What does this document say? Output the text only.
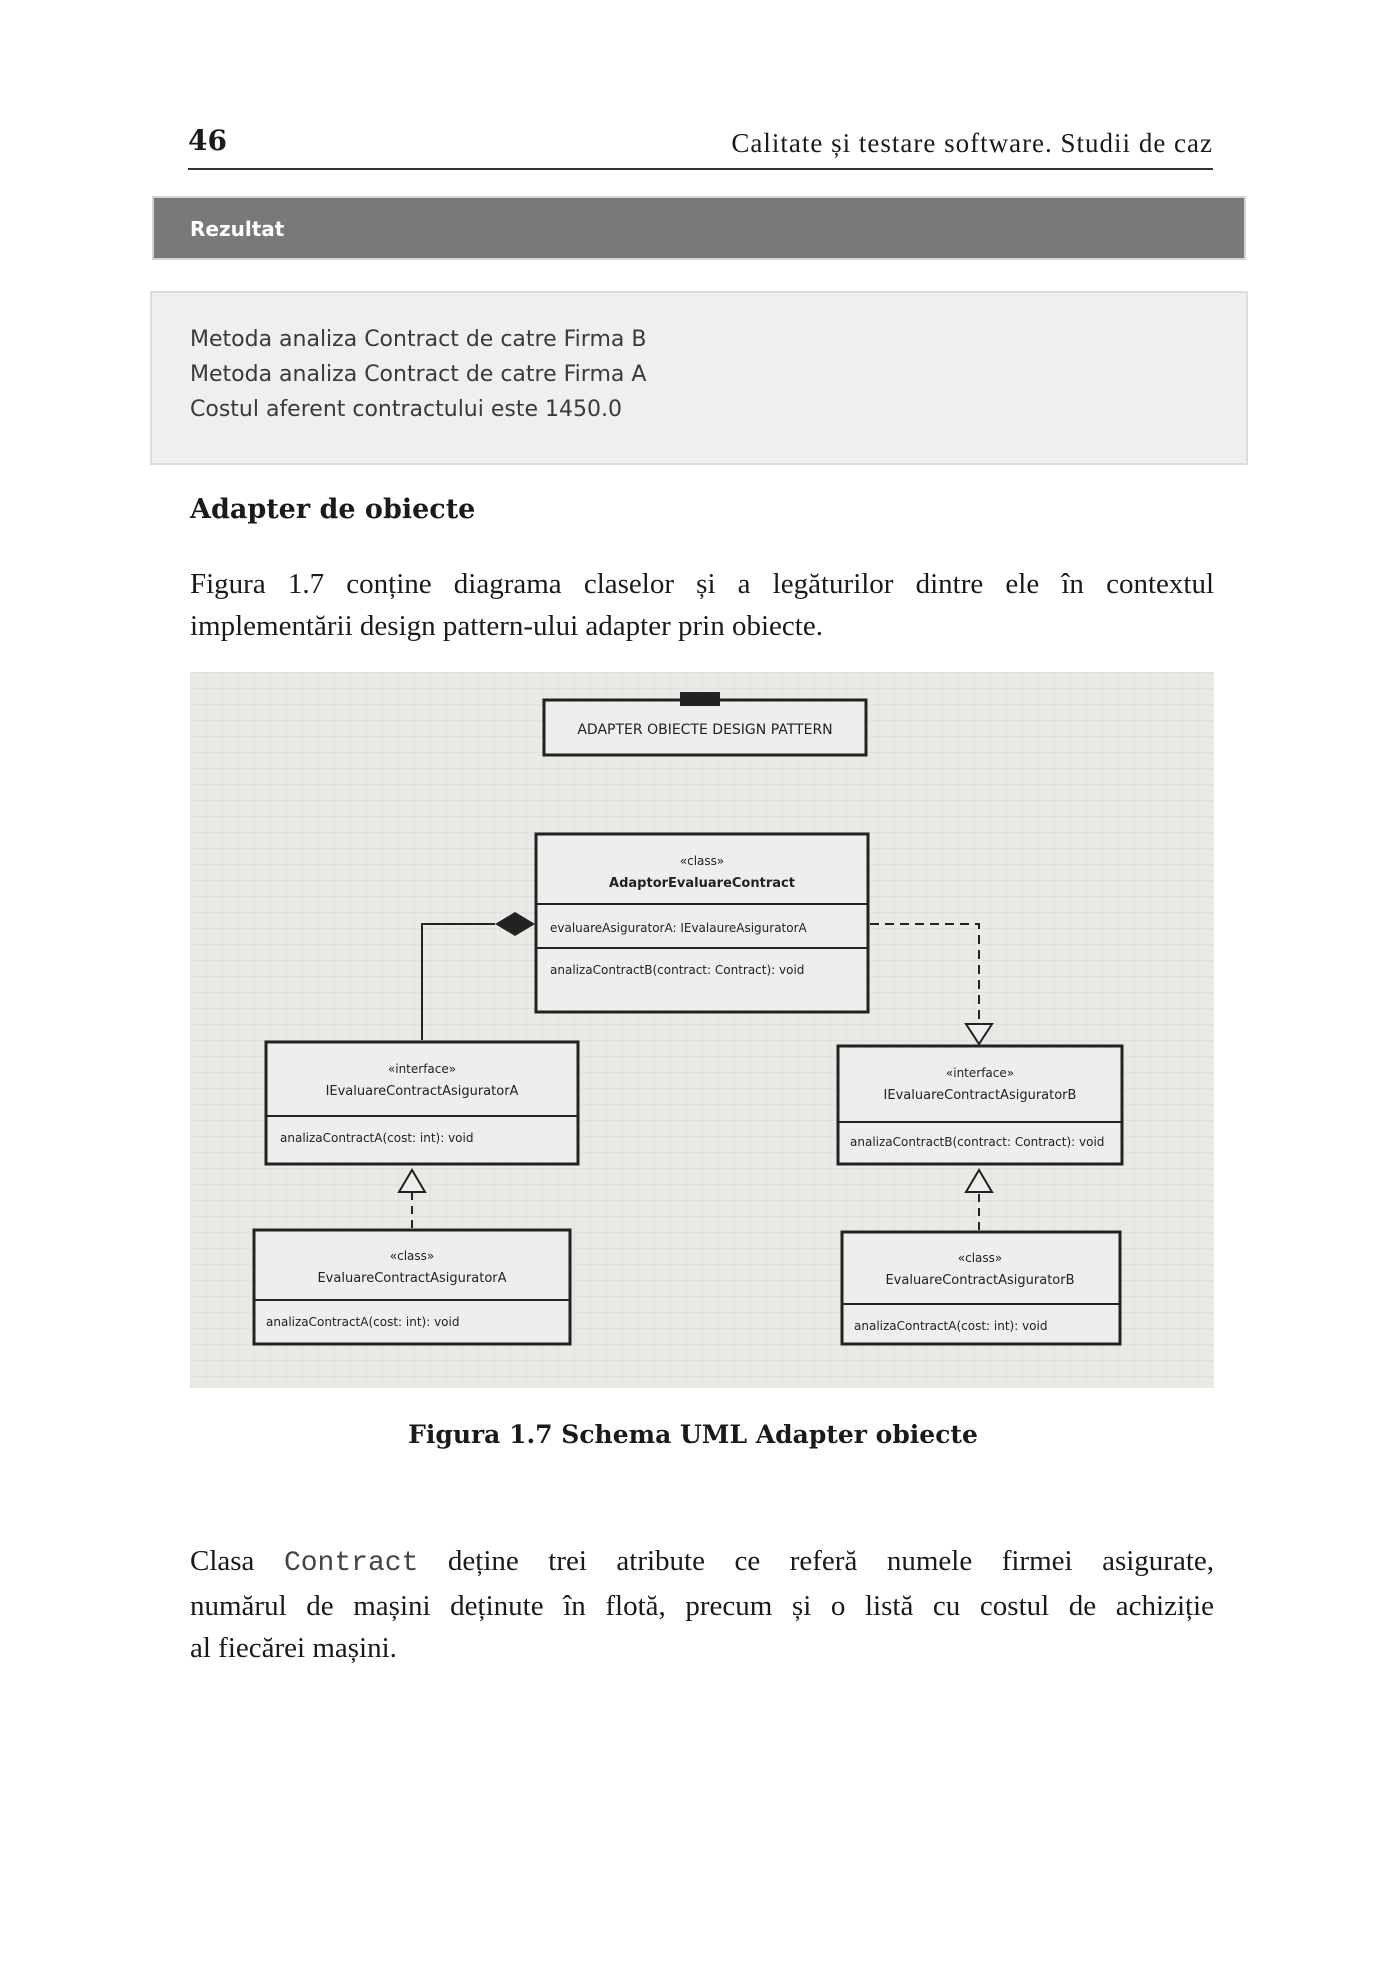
46	Calitate și testare software. Studii de caz
Rezultat
Metoda analiza Contract de catre Firma B
Metoda analiza Contract de catre Firma A
Costul aferent contractului este 1450.0
Adapter de obiecte
Figura 1.7 conține diagrama claselor și a legăturilor dintre ele în contextul
implementării design pattern-ului adapter prin obiecte.
ADAPTER OBIECTE DESIGN PATTERN
«class»
AdaptorEvaluareContract
evaluareAsiguratorA: IEvalaureAsiguratorA
analizaContractB(contract: Contract): void
«interface»
IEvaluareContractAsiguratorA
analizaContractA(cost: int): void
«interface»
IEvaluareContractAsiguratorB
analizaContractB(contract: Contract): void
«class»
EvaluareContractAsiguratorA
analizaContractA(cost: int): void
«class»
EvaluareContractAsiguratorB
analizaContractA(cost: int): void
Figura 1.7 Schema UML Adapter obiecte
Clasa Contract deține trei atribute ce referă numele firmei asigurate,
numărul de mașini deținute în flotă, precum și o listă cu costul de achiziție
al fiecărei mașini.
